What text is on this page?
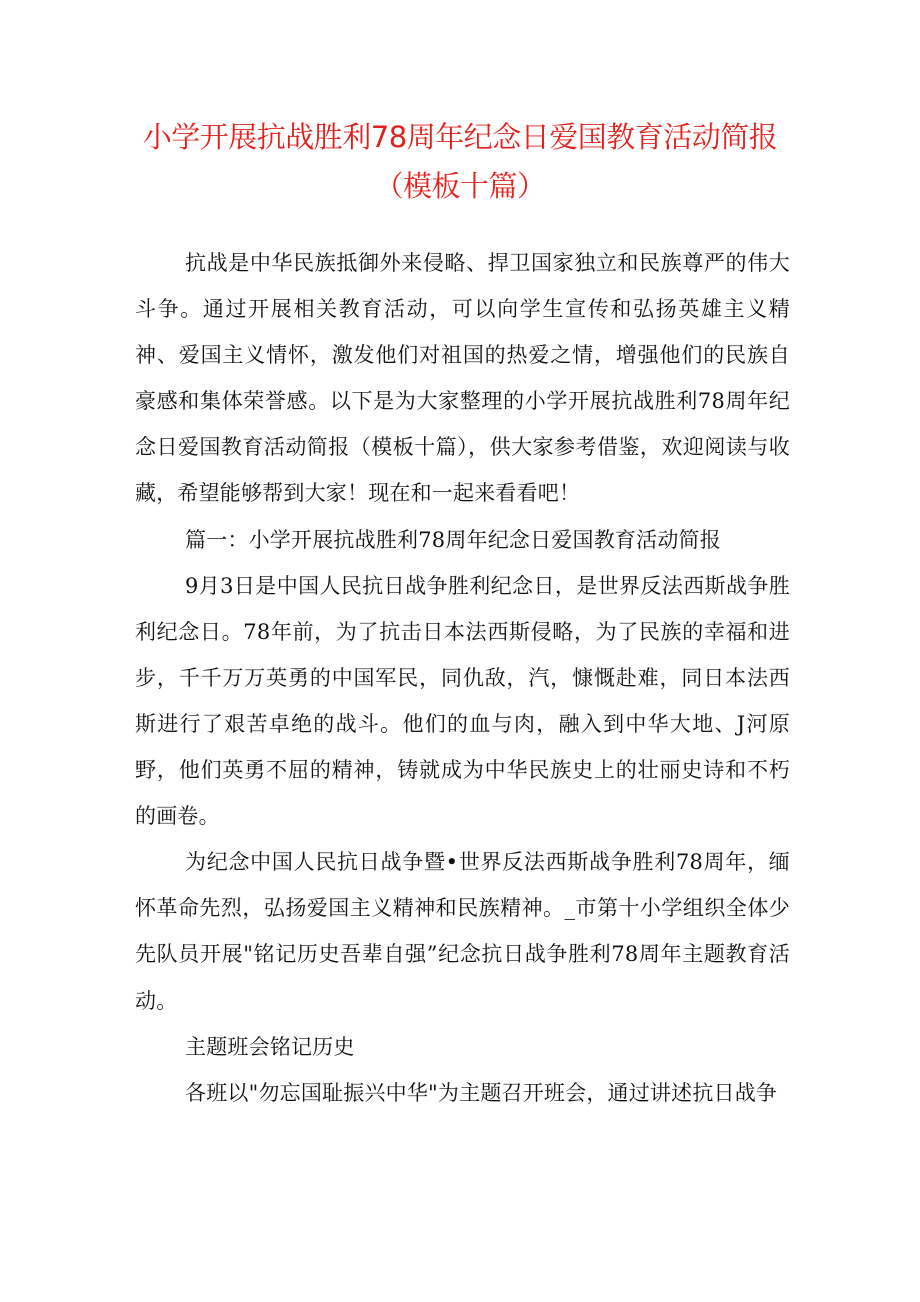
小学开展抗战胜利78周年纪念日爱国教育活动简报
（模板十篇）

抗战是中华民族抵御外来侵略、捍卫国家独立和民族尊严的伟大斗争。通过开展相关教育活动，可以向学生宣传和弘扬英雄主义精神、爱国主义情怀，激发他们对祖国的热爱之情，增强他们的民族自豪感和集体荣誉感。以下是为大家整理的小学开展抗战胜利78周年纪念日爱国教育活动简报（模板十篇），供大家参考借鉴，欢迎阅读与收藏，希望能够帮到大家！现在和一起来看看吧！

篇一：小学开展抗战胜利78周年纪念日爱国教育活动简报

9月3日是中国人民抗日战争胜利纪念日，是世界反法西斯战争胜利纪念日。78年前，为了抗击日本法西斯侵略，为了民族的幸福和进步，千千万万英勇的中国军民，同仇敌，汽，慷慨赴难，同日本法西斯进行了艰苦卓绝的战斗。他们的血与肉，融入到中华大地、J河原野，他们英勇不屈的精神，铸就成为中华民族史上的壮丽史诗和不朽的画卷。

为纪念中国人民抗日战争暨•世界反法西斯战争胜利78周年，缅怀革命先烈，弘扬爱国主义精神和民族精神。_市第十小学组织全体少先队员开展"铭记历史吾辈自强”纪念抗日战争胜利78周年主题教育活动。

主题班会铭记历史

各班以"勿忘国耻振兴中华"为主题召开班会，通过讲述抗日战争
